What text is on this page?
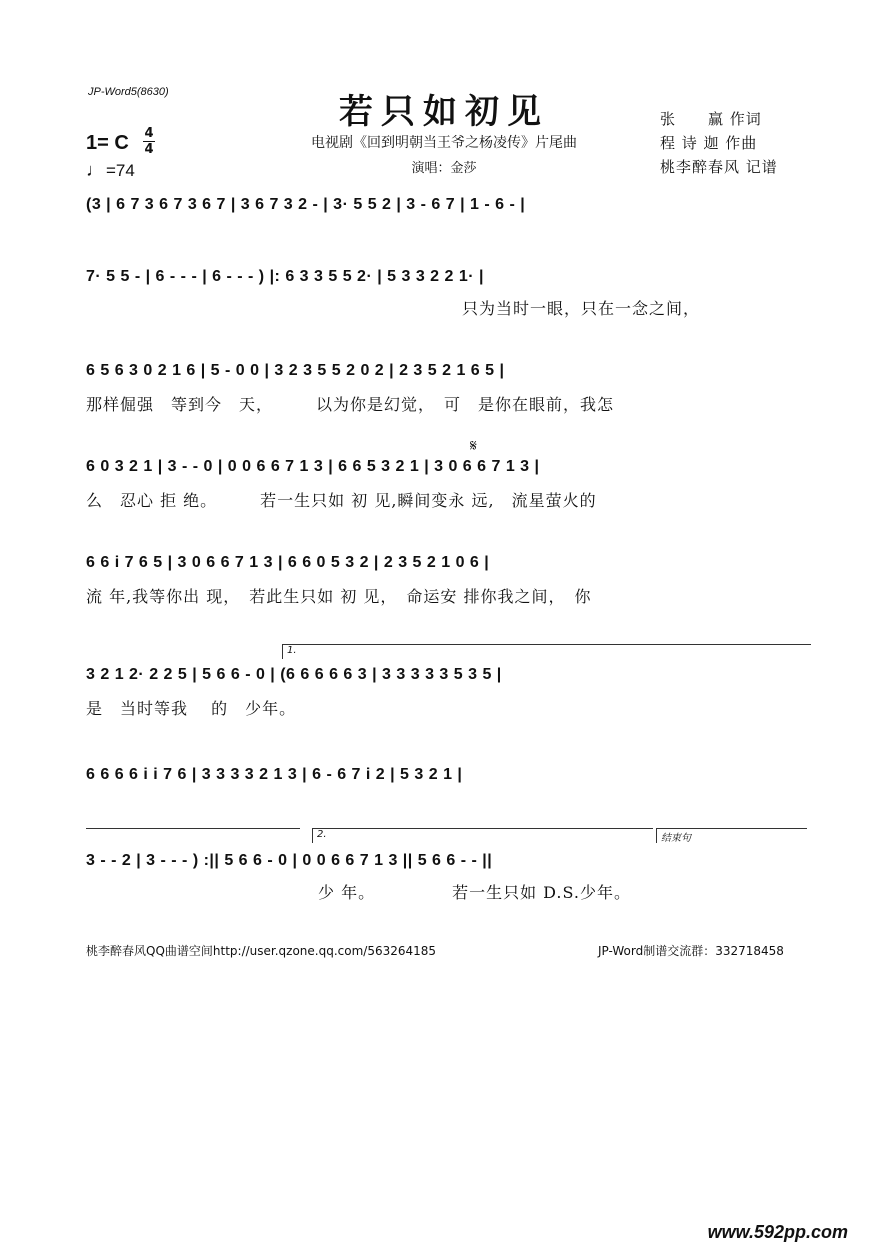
JP-Word5(8630)	若只如初见
电视剧《回到明朝当王爷之杨凌传》片尾曲
演唱：金莎
张　　赢 作词
程 诗 迦 作曲
桃李醉春风 记谱
1= C 4
4
♩ =74
(3 | 6 7 3 6 7 3 6 7 | 3 6 7 3 2 - | 3· 5 5 2 | 3 - 6 7 | 1 - 6 - |
7· 5 5 - | 6 - - - | 6 - - - ) |: 6 3 3 5 5 2· | 5 3 3 2 2 1· |
只为当时一眼，只在一念之间，
6 5 6 3 0 2 1 6 | 5 - 0 0 | 3 2 3 5 5 2 0 2 | 2 3 5 2 1 6 5 |
那样倔强　等到今　天，　　　以为你是幻觉，　可　是你在眼前，我怎
𝄋
6 0 3 2 1 | 3 - - 0 | 0 0 6 6 7 1 3 | 6 6 5 3 2 1 | 3 0 6 6 7 1 3 |
么　忍心 拒 绝。　　　若一生只如 初 见,瞬间变永 远,　流星萤火的
6 6 i 7 6 5 | 3 0 6 6 7 1 3 | 6 6 0 5 3 2 | 2 3 5 2 1 0 6 |
流 年,我等你出 现，　若此生只如 初 见，　命运安 排你我之间，　你
1.
3 2 1 2· 2 2 5 | 5 6 6 - 0 | (6 6 6 6 6 3 | 3 3 3 3 3 5 3 5 |
是　当时等我　 的　少年。
6 6 6 6 i i 7 6 | 3 3 3 3 2 1 3 | 6 - 6 7 i 2 | 5 3 2 1 |
2.	结束句
3 - - 2 | 3 - - - ) :|| 5 6 6 - 0 | 0 0 6 6 7 1 3 || 5 6 6 - - ||
少 年。　　　　　若一生只如 D.S.少年。
桃李醉春风QQ曲谱空间http://user.qzone.qq.com/563264185	JP-Word制谱交流群：332718458
www.592pp.com
